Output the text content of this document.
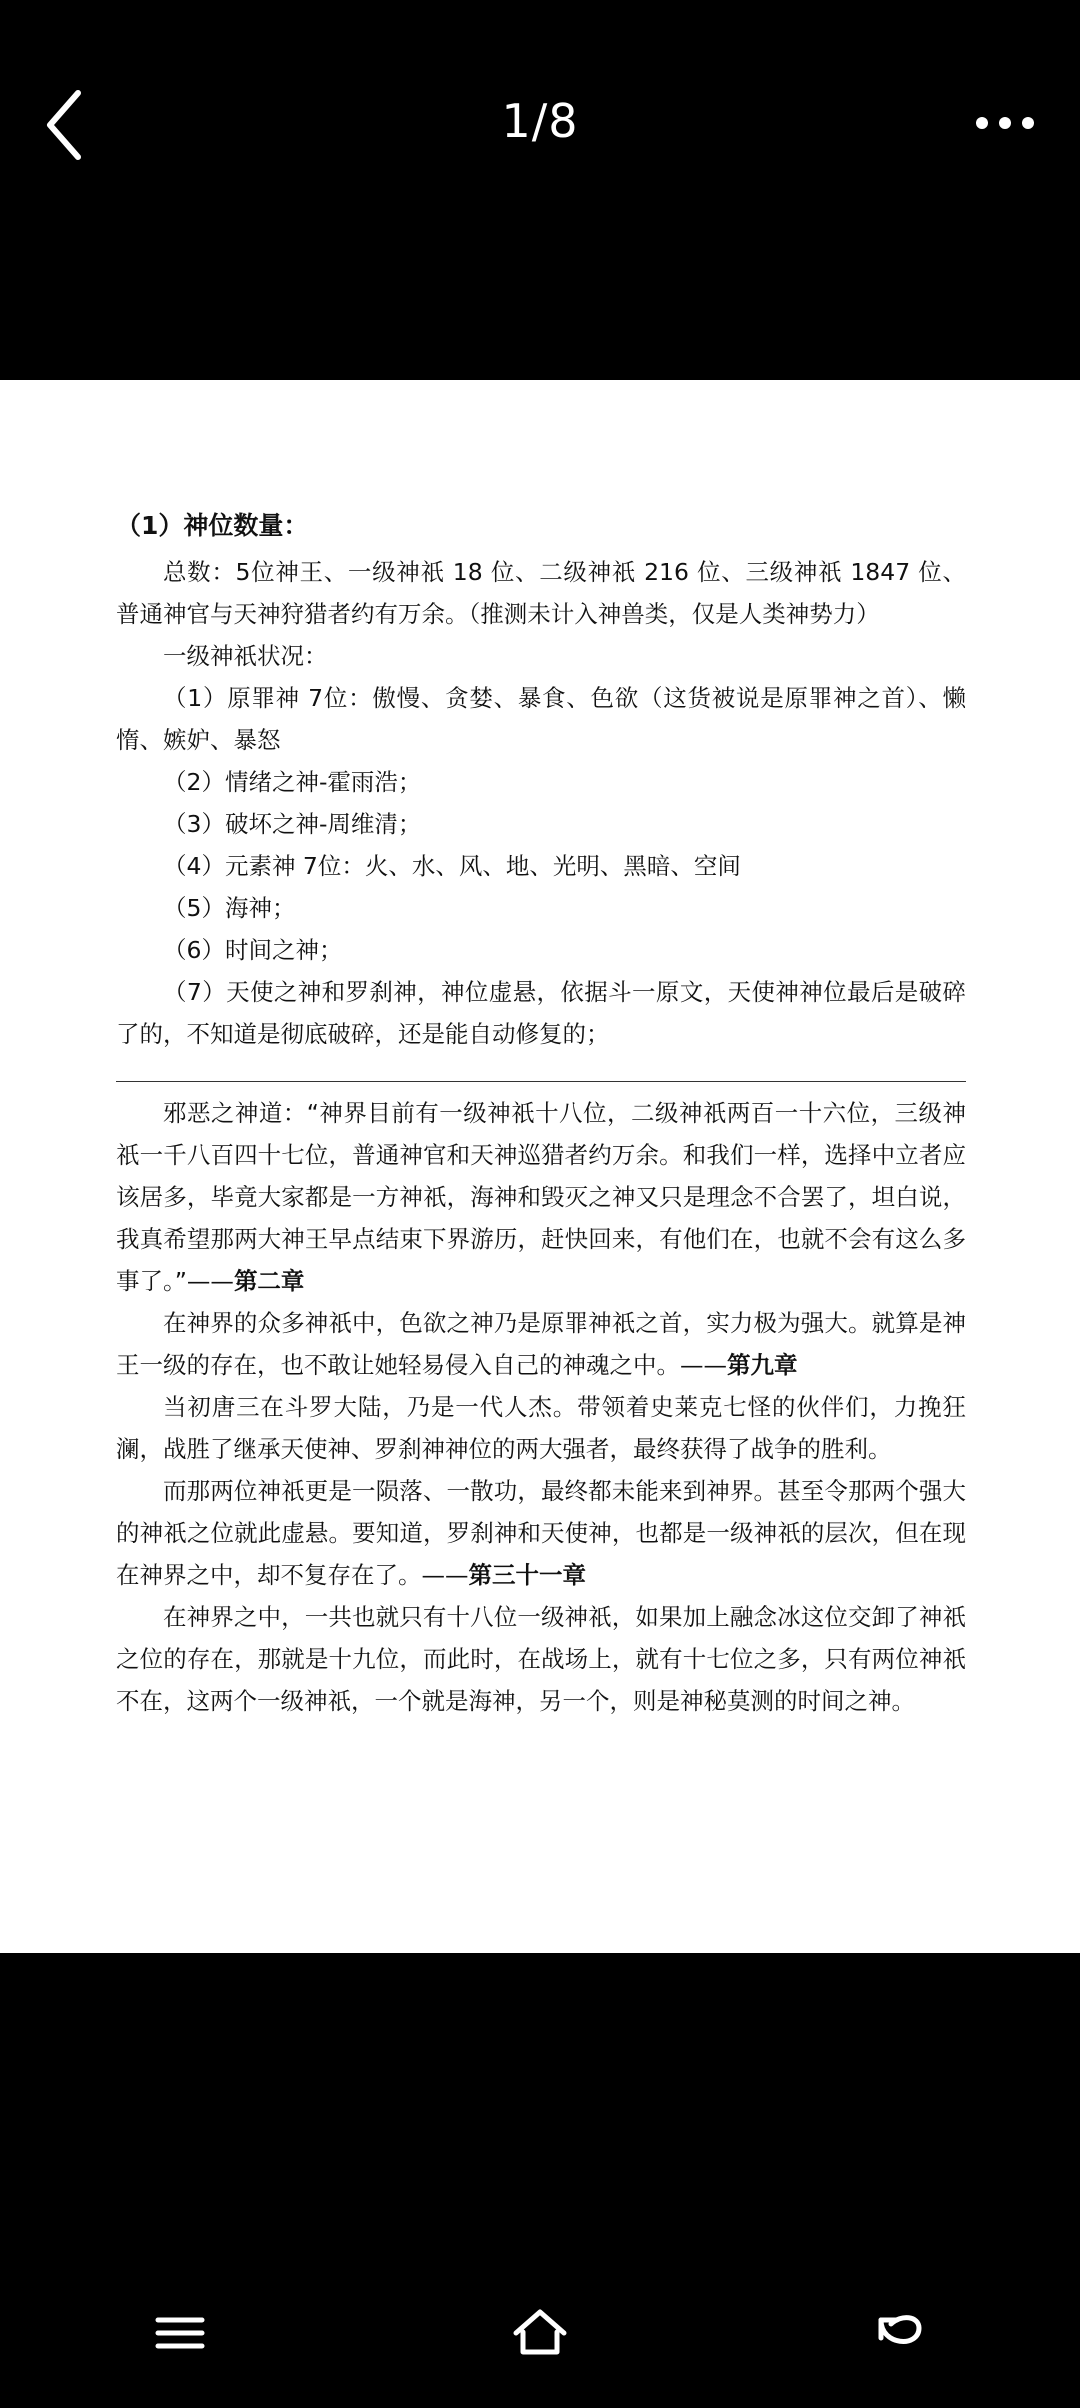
1/8

（1）神位数量：

总数：5位神王、一级神祇 18 位、二级神祇 216 位、三级神祇 1847 位、普通神官与天神狩猎者约有万余。（推测未计入神兽类，仅是人类神势力）

一级神祇状况：

（1）原罪神 7位：傲慢、贪婪、暴食、色欲（这货被说是原罪神之首）、懒惰、嫉妒、暴怒

（2）情绪之神-霍雨浩；

（3）破坏之神-周维清；

（4）元素神 7位：火、水、风、地、光明、黑暗、空间

（5）海神；

（6）时间之神；

（7）天使之神和罗刹神，神位虚悬，依据斗一原文，天使神神位最后是破碎了的，不知道是彻底破碎，还是能自动修复的；

邪恶之神道：“神界目前有一级神祇十八位，二级神祇两百一十六位，三级神祇一千八百四十七位，普通神官和天神巡猎者约万余。和我们一样，选择中立者应该居多，毕竟大家都是一方神祇，海神和毁灭之神又只是理念不合罢了，坦白说，我真希望那两大神王早点结束下界游历，赶快回来，有他们在，也就不会有这么多事了。”——第二章

在神界的众多神祇中，色欲之神乃是原罪神祇之首，实力极为强大。就算是神王一级的存在，也不敢让她轻易侵入自己的神魂之中。——第九章

当初唐三在斗罗大陆，乃是一代人杰。带领着史莱克七怪的伙伴们，力挽狂澜，战胜了继承天使神、罗刹神神位的两大强者，最终获得了战争的胜利。

而那两位神祇更是一陨落、一散功，最终都未能来到神界。甚至令那两个强大的神祇之位就此虚悬。要知道，罗刹神和天使神，也都是一级神祇的层次，但在现在神界之中，却不复存在了。——第三十一章

在神界之中，一共也就只有十八位一级神祇，如果加上融念冰这位交卸了神祇之位的存在，那就是十九位，而此时，在战场上，就有十七位之多，只有两位神祇不在，这两个一级神祇，一个就是海神，另一个，则是神秘莫测的时间之神。
